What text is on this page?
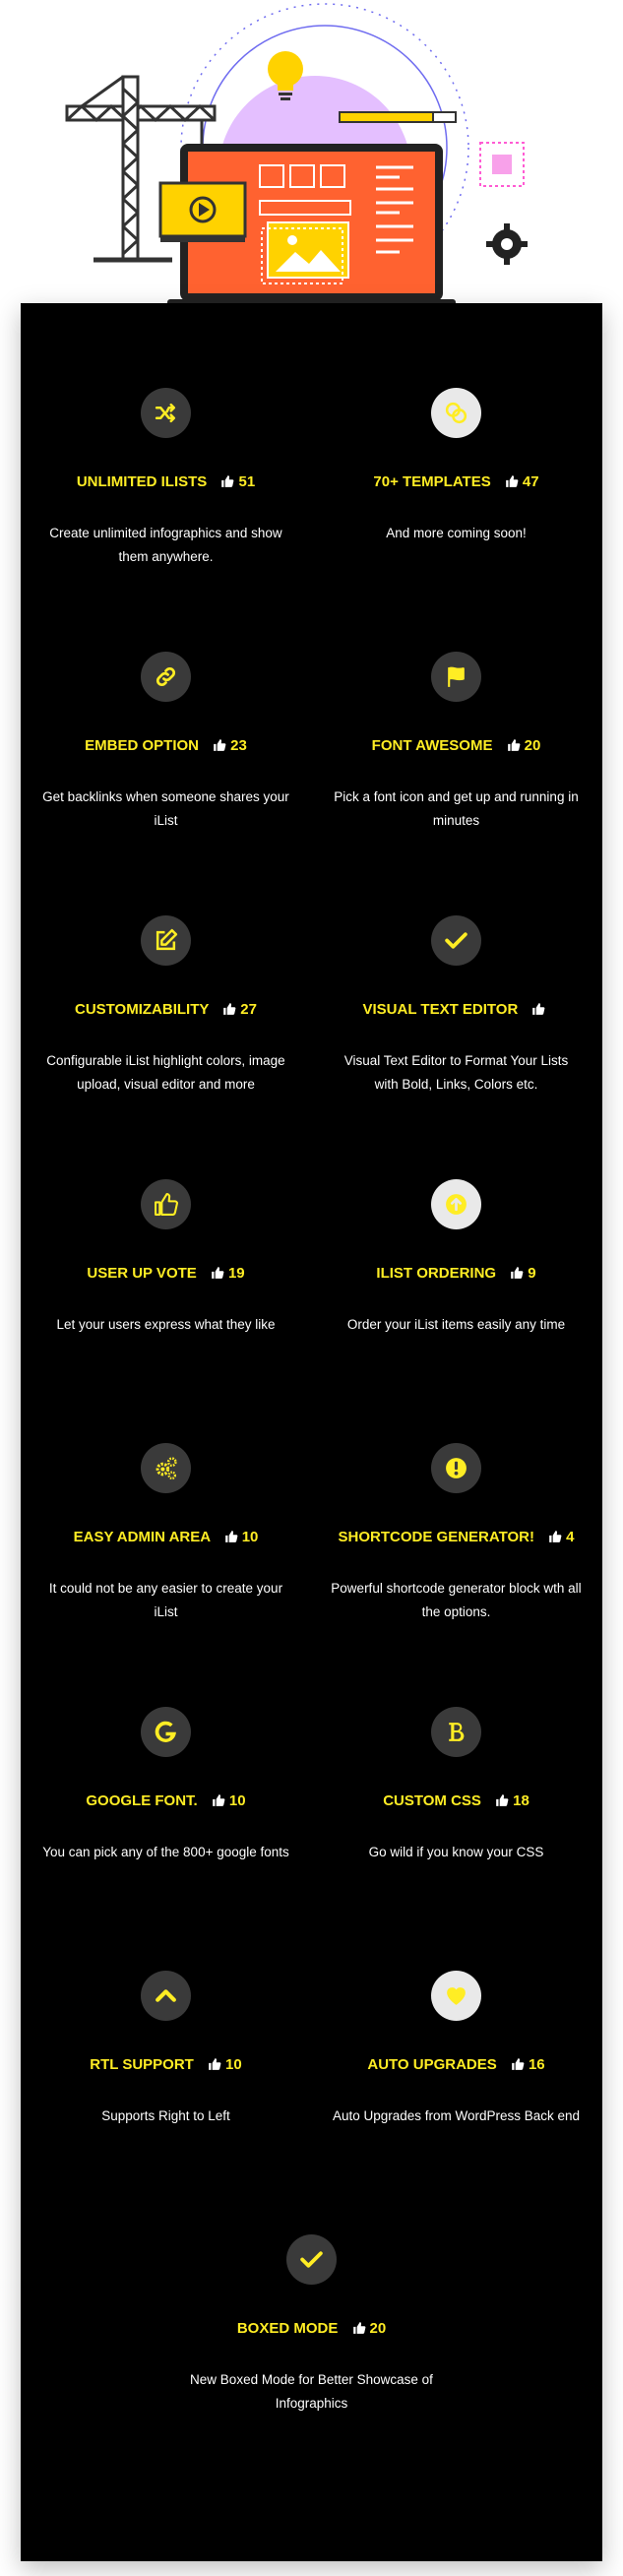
UNLIMITED ILISTS 51
Create unlimited infographics and show them anywhere.
70+ TEMPLATES 47
And more coming soon!
EMBED OPTION 23
Get backlinks when someone shares your iList
FONT AWESOME 20
Pick a font icon and get up and running in minutes
CUSTOMIZABILITY 27
Configurable iList highlight colors, image upload, visual editor and more
VISUAL TEXT EDITOR
Visual Text Editor to Format Your Lists with Bold, Links, Colors etc.
USER UP VOTE 19
Let your users express what they like
ILIST ORDERING 9
Order your iList items easily any time
EASY ADMIN AREA 10
It could not be any easier to create your iList
SHORTCODE GENERATOR! 4
Powerful shortcode generator block wth all the options.
GOOGLE FONT. 10
You can pick any of the 800+ google fonts
CUSTOM CSS 18
Go wild if you know your CSS
RTL SUPPORT 10
Supports Right to Left
AUTO UPGRADES 16
Auto Upgrades from WordPress Back end
BOXED MODE 20
New Boxed Mode for Better Showcase of Infographics
